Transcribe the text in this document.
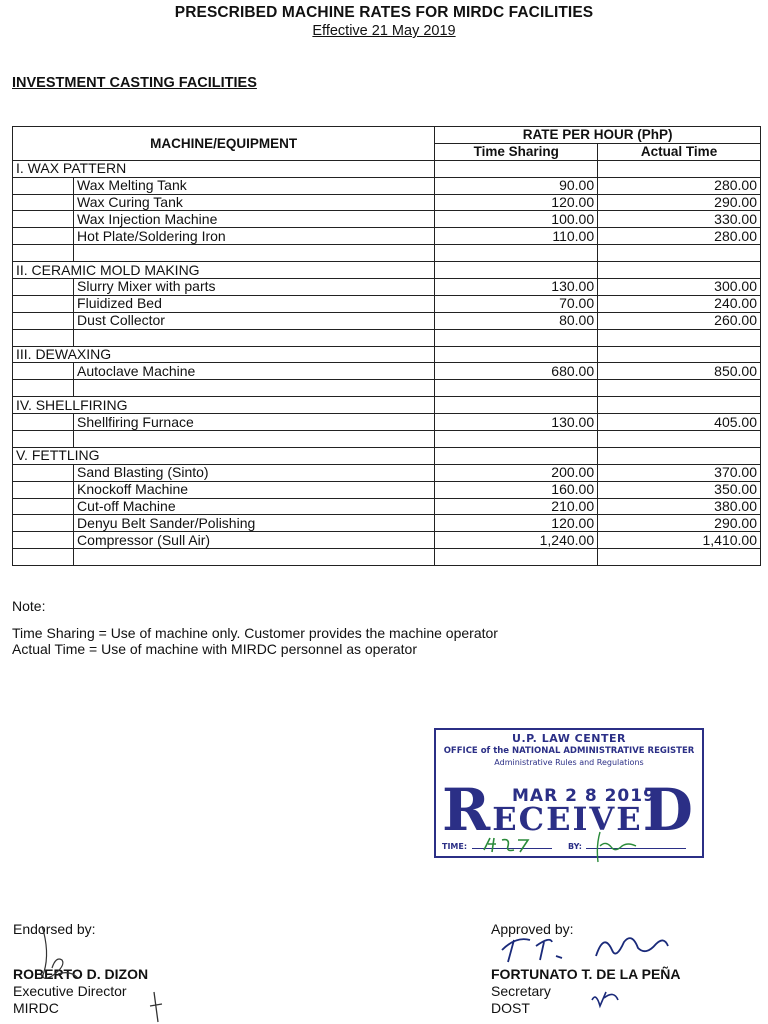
PRESCRIBED MACHINE RATES FOR MIRDC FACILITIES
Effective 21 May 2019
INVESTMENT CASTING FACILITIES
MACHINE/EQUIPMENT		RATE PER HOUR (PhP)	
		Time Sharing	Actual Time
I. WAX PATTERN			
	Wax Melting Tank	90.00	280.00
	Wax Curing Tank	120.00	290.00
	Wax Injection Machine	100.00	330.00
	Hot Plate/Soldering Iron	110.00	280.00

II. CERAMIC MOLD MAKING			
	Slurry Mixer with parts	130.00	300.00
	Fluidized Bed	70.00	240.00
	Dust Collector	80.00	260.00

III. DEWAXING			
	Autoclave Machine	680.00	850.00

IV. SHELLFIRING			
	Shellfiring Furnace	130.00	405.00

V. FETTLING			
	Sand Blasting (Sinto)	200.00	370.00
	Knockoff Machine	160.00	350.00
	Cut-off Machine	210.00	380.00
	Denyu Belt Sander/Polishing	120.00	290.00
	Compressor (Sull Air)	1,240.00	1,410.00

Note:
Time Sharing = Use of machine only. Customer provides the machine operator
Actual Time = Use of machine with MIRDC personnel as operator
U.P. LAW CENTER
OFFICE of the NATIONAL ADMINISTRATIVE REGISTER
Administrative Rules and Regulations
RECEIVED
MAR 2 8 2019
TIME:	BY:
Endorsed by:
ROBERTO D. DIZON
Executive Director
MIRDC
Approved by:
FORTUNATO T. DE LA PEÑA
Secretary
DOST
